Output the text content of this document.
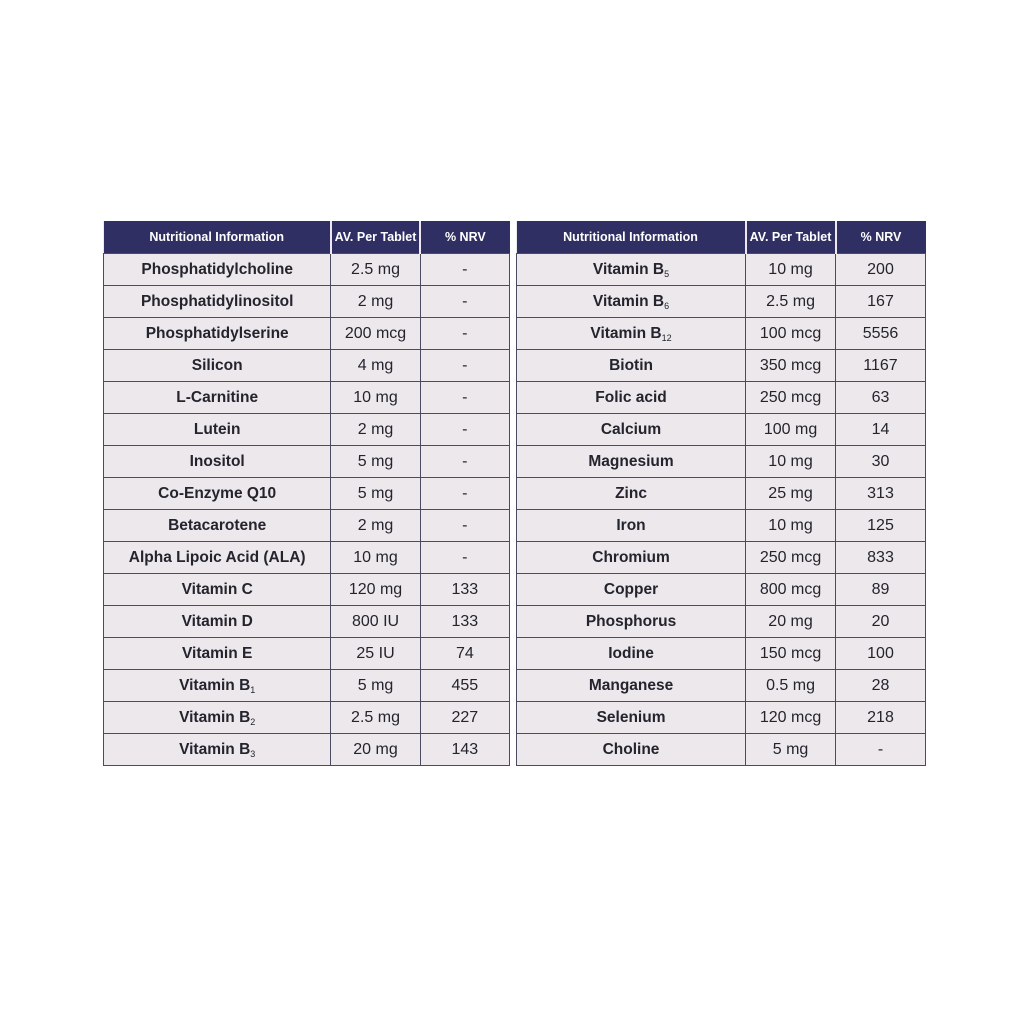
Nutritional Information	AV. Per Tablet	% NRV
Phosphatidylcholine	2.5 mg	-
Phosphatidylinositol	2 mg	-
Phosphatidylserine	200 mcg	-
Silicon	4 mg	-
L-Carnitine	10 mg	-
Lutein	2 mg	-
Inositol	5 mg	-
Co-Enzyme Q10	5 mg	-
Betacarotene	2 mg	-
Alpha Lipoic Acid (ALA)	10 mg	-
Vitamin C	120 mg	133
Vitamin D	800 IU	133
Vitamin E	25 IU	74
Vitamin $B_1$	5 mg	455
Vitamin $B_2$	2.5 mg	227
Vitamin $B_3$	20 mg	143
Nutritional Information	AV. Per Tablet	% NRV
Vitamin $B_5$	10 mg	200
Vitamin $B_6$	2.5 mg	167
Vitamin $B_{12}$	100 mcg	5556
Biotin	350 mcg	1167
Folic acid	250 mcg	63
Calcium	100 mg	14
Magnesium	10 mg	30
Zinc	25 mg	313
Iron	10 mg	125
Chromium	250 mcg	833
Copper	800 mcg	89
Phosphorus	20 mg	20
Iodine	150 mcg	100
Manganese	0.5 mg	28
Selenium	120 mcg	218
Choline	5 mg	-
